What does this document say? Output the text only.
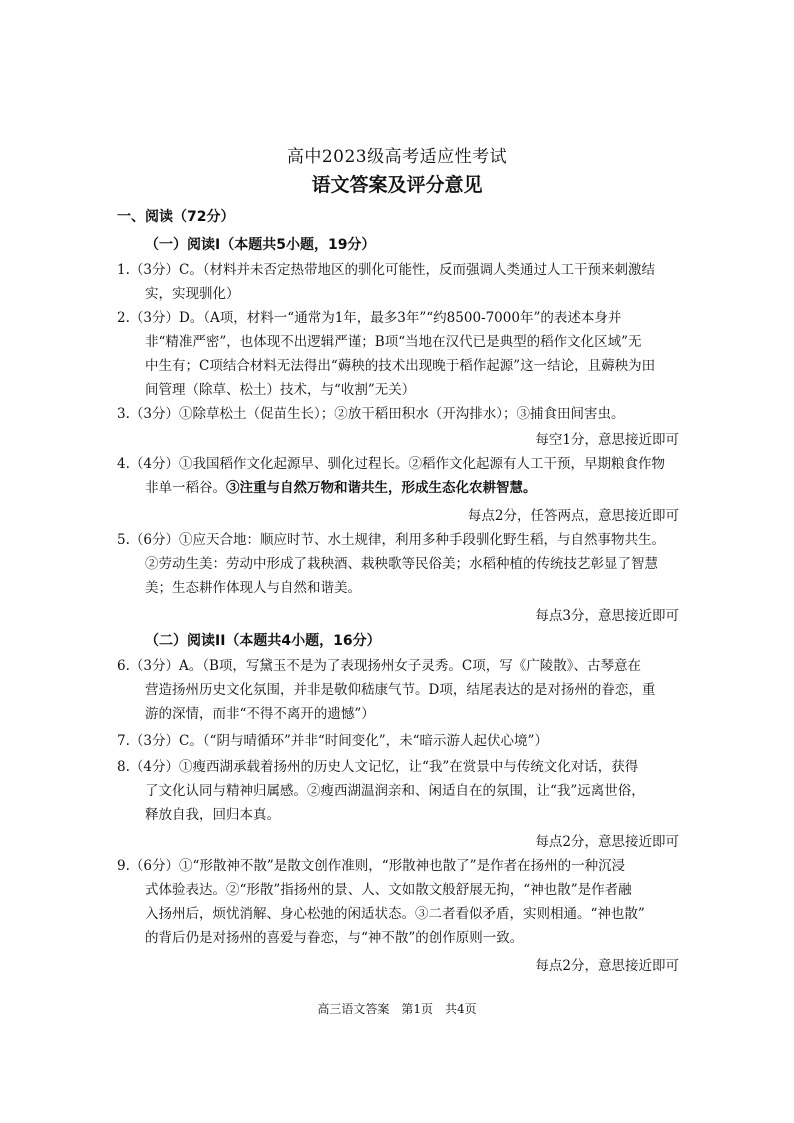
高中2023级高考适应性考试
语文答案及评分意见
一、阅读（72分）
（一）阅读I（本题共5小题，19分）
1.（3分）C。（材料并未否定热带地区的驯化可能性，反而强调人类通过人工干预来刺激结
实，实现驯化）
2.（3分）D。（A项，材料一“通常为1年，最多3年”“约8500-7000年”的表述本身并
非“精准严密”，也体现不出逻辑严谨；B项“当地在汉代已是典型的稻作文化区域”无
中生有；C项结合材料无法得出“薅秧的技术出现晚于稻作起源”这一结论，且薅秧为田
间管理（除草、松土）技术，与“收割”无关）
3.（3分）①除草松土（促苗生长）；②放干稻田积水（开沟排水）；③捕食田间害虫。
每空1分，意思接近即可
4.（4分）①我国稻作文化起源早、驯化过程长。②稻作文化起源有人工干预，早期粮食作物
非单一稻谷。③注重与自然万物和谐共生，形成生态化农耕智慧。
每点2分，任答两点，意思接近即可
5.（6分）①应天合地：顺应时节、水土规律，利用多种手段驯化野生稻，与自然事物共生。
②劳动生美：劳动中形成了栽秧酒、栽秧歌等民俗美；水稻种植的传统技艺彰显了智慧
美；生态耕作体现人与自然和谐美。
每点3分，意思接近即可
（二）阅读II（本题共4小题，16分）
6.（3分）A。（B项，写黛玉不是为了表现扬州女子灵秀。C项，写《广陵散》、古琴意在
营造扬州历史文化氛围，并非是敬仰嵇康气节。D项，结尾表达的是对扬州的眷恋，重
游的深情，而非“不得不离开的遗憾”）
7.（3分）C。（“阴与晴循环”并非“时间变化”，未“暗示游人起伏心境”）
8.（4分）①瘦西湖承载着扬州的历史人文记忆，让“我”在赏景中与传统文化对话，获得
了文化认同与精神归属感。②瘦西湖温润亲和、闲适自在的氛围，让“我”远离世俗，
释放自我，回归本真。
每点2分，意思接近即可
9.（6分）①“形散神不散”是散文创作准则，“形散神也散了”是作者在扬州的一种沉浸
式体验表达。②“形散”指扬州的景、人、文如散文般舒展无拘，“神也散”是作者融
入扬州后，烦忧消解、身心松弛的闲适状态。③二者看似矛盾，实则相通。“神也散”
的背后仍是对扬州的喜爱与眷恋，与“神不散”的创作原则一致。
每点2分，意思接近即可
高三语文答案　第1页　共4页
